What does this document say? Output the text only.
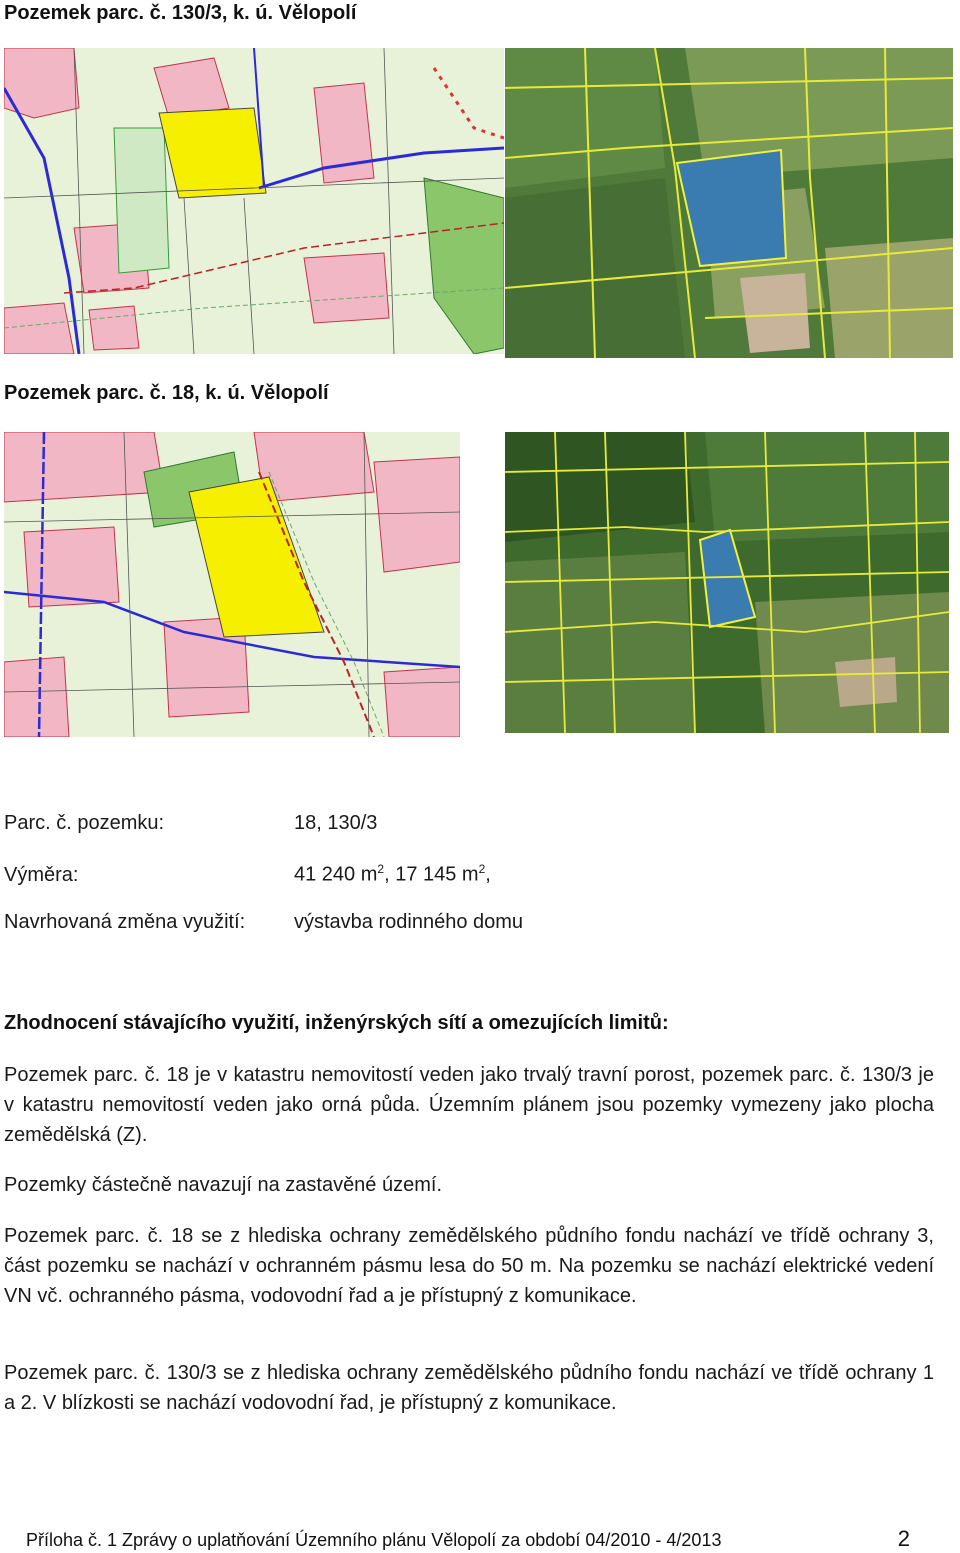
Pozemek parc. č. 130/3, k. ú. Vělopolí
Pozemek parc. č. 18, k. ú. Vělopolí
Parc. č. pozemku:	18, 130/3
Výměra:	41 240 $m^2$, 17 145 $m^2$,
Navrhovaná změna využití: výstavba rodinného domu
Zhodnocení stávajícího využití, inženýrských sítí a omezujících limitů:

Pozemek parc. č. 18 je v katastru nemovitostí veden jako trvalý travní porost, pozemek parc. č. 130/3 je v katastru nemovitostí veden jako orná půda. Územním plánem jsou pozemky vymezeny jako plocha zemědělská (Z).

Pozemky částečně navazují na zastavěné území.

Pozemek parc. č. 18 se z hlediska ochrany zemědělského půdního fondu nachází ve třídě ochrany 3, část pozemku se nachází v ochranném pásmu lesa do 50 m. Na pozemku se nachází elektrické vedení VN vč. ochranného pásma, vodovodní řad a je přístupný z komunikace.

Pozemek parc. č. 130/3 se z hlediska ochrany zemědělského půdního fondu nachází ve třídě ochrany 1 a 2. V blízkosti se nachází vodovodní řad, je přístupný z komunikace.

Příloha č. 1 Zprávy o uplatňování Územního plánu Vělopolí za období 04/2010 - 4/2013	2
